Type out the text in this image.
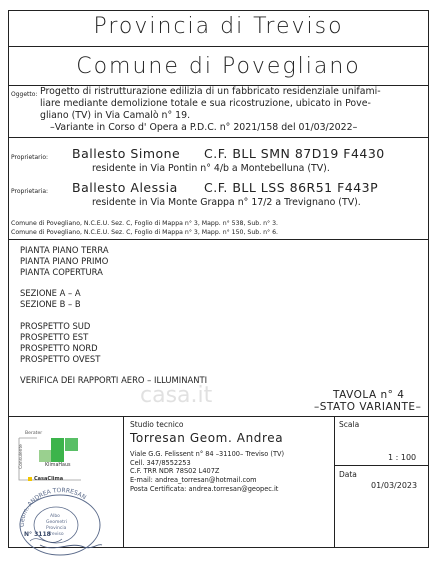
Provincia di Treviso
Comune di Povegliano
Oggetto: Progetto di ristrutturazione edilizia di un fabbricato residenziale unifami-
liare mediante demolizione totale e sua ricostruzione, ubicato in Pove-
gliano (TV) in Via Camalò n° 19.
–Variante in Corso d' Opera a P.D.C. n° 2021/158 del 01/03/2022–
Proprietario: Ballesto Simone C.F. BLL SMN 87D19 F4430
residente in Via Pontin n° 4/b a Montebelluna (TV).
Proprietaria: Ballesto Alessia C.F. BLL LSS 86R51 F443P
residente in Via Monte Grappa n° 17/2 a Trevignano (TV).
Comune di Povegliano, N.C.E.U. Sez. C, Foglio di Mappa n° 3, Mapp. n° 538, Sub. n° 3.
Comune di Povegliano, N.C.E.U. Sez. C, Foglio di Mappa n° 3, Mapp. n° 150, Sub. n° 6.
PIANTA PIANO TERRA
PIANTA PIANO PRIMO
PIANTA COPERTURA
SEZIONE A – A
SEZIONE B – B
PROSPETTO SUD
PROSPETTO EST
PROSPETTO NORD
PROSPETTO OVEST
VERIFICA DEI RAPPORTI AERO – ILLUMINANTI
casa.it	TAVOLA n° 4
–STATO VARIANTE–
Berater
Consulente	KlimaHaus
CasaClima
Studio tecnico
Torresan Geom. Andrea
Viale G.G. Felissent n° 84 –31100– Treviso (TV)
Cell. 347/8552253
C.F. TRR NDR 78S02 L407Z
E-mail: andrea_torresan@hotmail.com
Posta Certificata: andrea.torresan@geopec.it
Scala
1 : 100
Data
01/03/2023
Geom. ANDREA TORRESAN
Albo
Geometri
Provincia
Treviso
N° 3118
